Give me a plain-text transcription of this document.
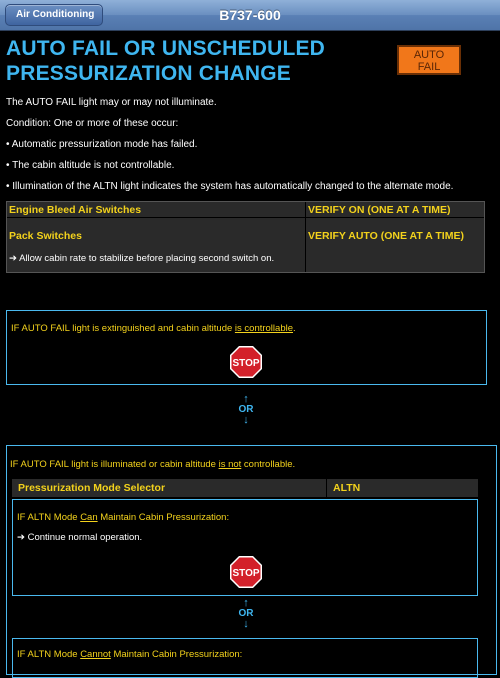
Air Conditioning	B737-600
AUTO FAIL OR UNSCHEDULED PRESSURIZATION CHANGE
AUTO
FAIL
The AUTO FAIL light may or may not illuminate.
Condition: One or more of these occur:
• Automatic pressurization mode has failed.
• The cabin altitude is not controllable.
• Illumination of the ALTN light indicates the system has automatically changed to the alternate mode.
Engine Bleed Air Switches	VERIFY ON (ONE AT A TIME)
Pack Switches	VERIFY AUTO (ONE AT A TIME)
➔ Allow cabin rate to stabilize before placing second switch on.
IF AUTO FAIL light is extinguished and cabin altitude is controllable.
STOP
↑
OR
↓
IF AUTO FAIL light is illuminated or cabin altitude is not controllable.
Pressurization Mode Selector	ALTN
IF ALTN Mode Can Maintain Cabin Pressurization:
➔ Continue normal operation.
STOP
↑
OR
↓
IF ALTN Mode Cannot Maintain Cabin Pressurization:
